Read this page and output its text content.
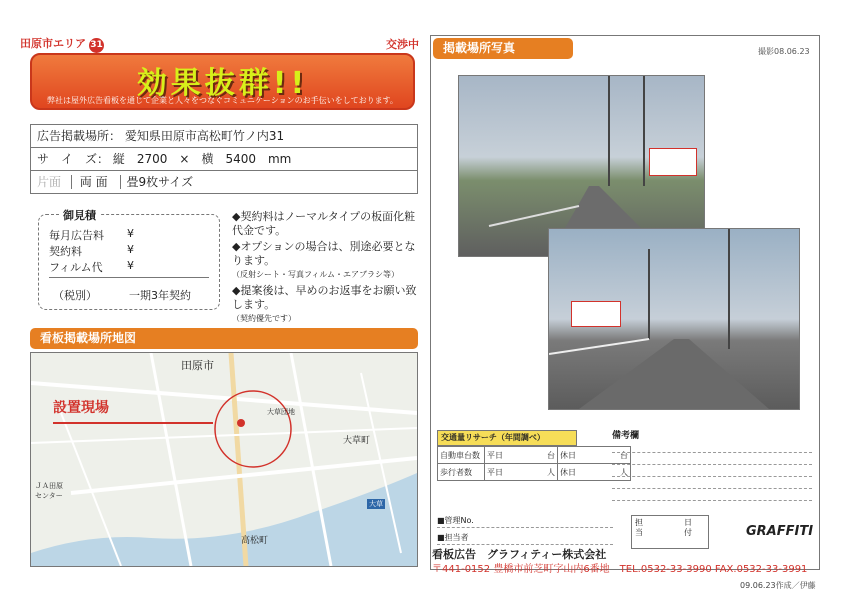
田原市エリア 31	交渉中
効果抜群!!
弊社は屋外広告看板を通じて企業と人々をつなぐコミュニケーションのお手伝いをしております。
広告掲載場所： 愛知県田原市高松町竹ノ内31
サ　イ　ズ： 縦　2700　×　横　5400　mm
片面 両 面 畳9枚サイズ
御見積
毎月広告料 ¥
契約料	¥
フィルム代 ¥
（税別）	一期3年契約
◆契約料はノーマルタイプの板面化粧代金です。
◆オプションの場合は、別途必要となります。
（反射シート・写真フィルム・エアブラシ等）
◆提案後は、早めのお返事をお願い致します。
（契約優先です）
看板掲載場所地図
田原市
設置現場
大草町
高松町
大草団地
ＪＡ田原
センター
大草
掲載場所写真	撮影08.06.23
交通量リサーチ（年間調べ）
自動車台数	平日 台	休日 台

歩行者数	平日 人	休日 人
備考欄
■管理No.
■担当者
担当
日付	GRAFFITI
看板広告　グラフィティー株式会社
〒441-0152 豊橋市前芝町字山内6番地　TEL.0532-33-3990 FAX.0532-33-3991
09.06.23作成／伊藤
